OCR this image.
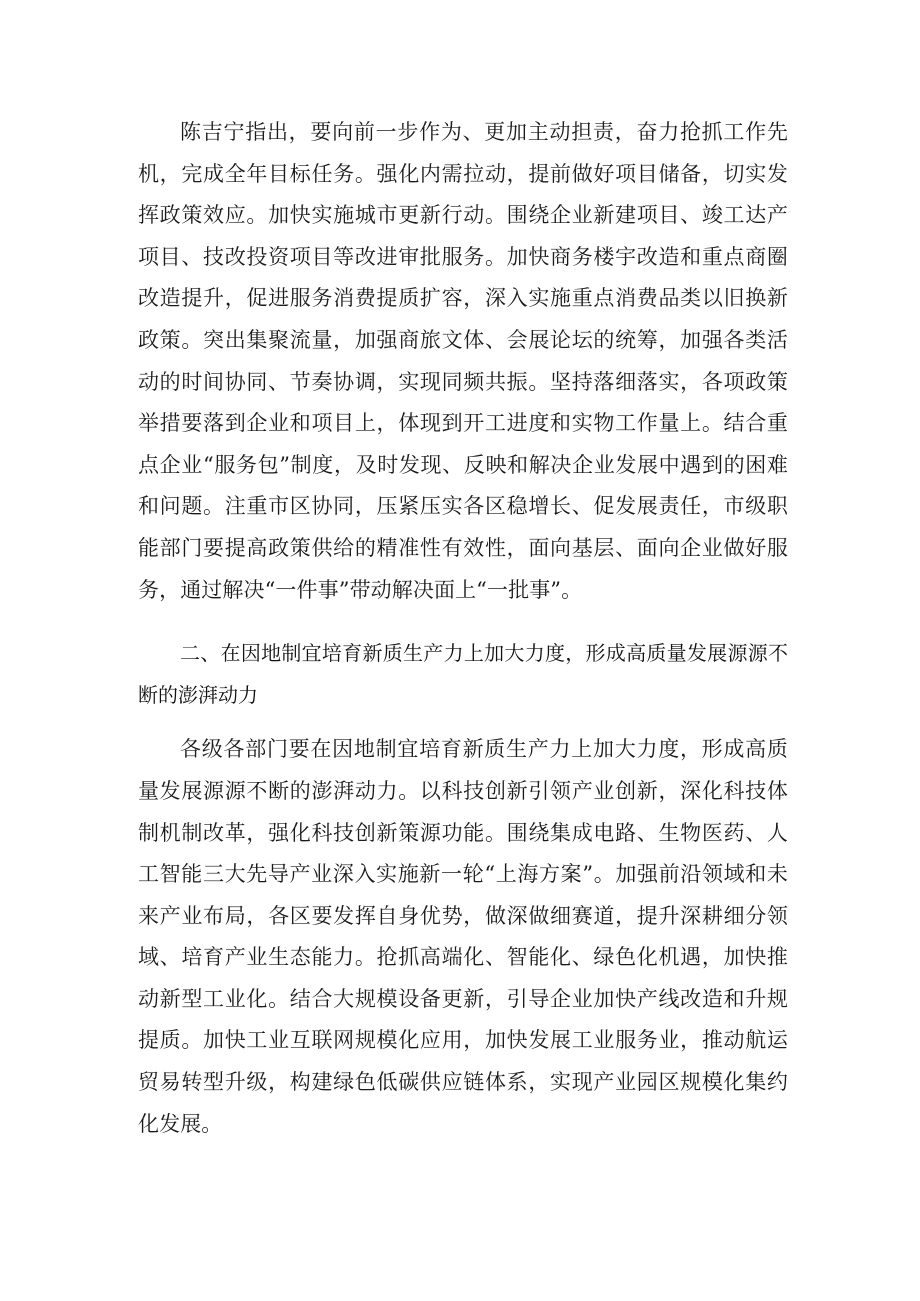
陈吉宁指出，要向前一步作为、更加主动担责，奋力抢抓工作先机，完成全年目标任务。强化内需拉动，提前做好项目储备，切实发挥政策效应。加快实施城市更新行动。围绕企业新建项目、竣工达产项目、技改投资项目等改进审批服务。加快商务楼宇改造和重点商圈改造提升，促进服务消费提质扩容，深入实施重点消费品类以旧换新政策。突出集聚流量，加强商旅文体、会展论坛的统筹，加强各类活动的时间协同、节奏协调，实现同频共振。坚持落细落实，各项政策举措要落到企业和项目上，体现到开工进度和实物工作量上。结合重点企业“服务包”制度，及时发现、反映和解决企业发展中遇到的困难和问题。注重市区协同，压紧压实各区稳增长、促发展责任，市级职能部门要提高政策供给的精准性有效性，面向基层、面向企业做好服务，通过解决“一件事”带动解决面上“一批事”。

二、在因地制宜培育新质生产力上加大力度，形成高质量发展源源不断的澎湃动力

各级各部门要在因地制宜培育新质生产力上加大力度，形成高质量发展源源不断的澎湃动力。以科技创新引领产业创新，深化科技体制机制改革，强化科技创新策源功能。围绕集成电路、生物医药、人工智能三大先导产业深入实施新一轮“上海方案”。加强前沿领域和未来产业布局，各区要发挥自身优势，做深做细赛道，提升深耕细分领域、培育产业生态能力。抢抓高端化、智能化、绿色化机遇，加快推动新型工业化。结合大规模设备更新，引导企业加快产线改造和升规提质。加快工业互联网规模化应用，加快发展工业服务业，推动航运贸易转型升级，构建绿色低碳供应链体系，实现产业园区规模化集约化发展。
